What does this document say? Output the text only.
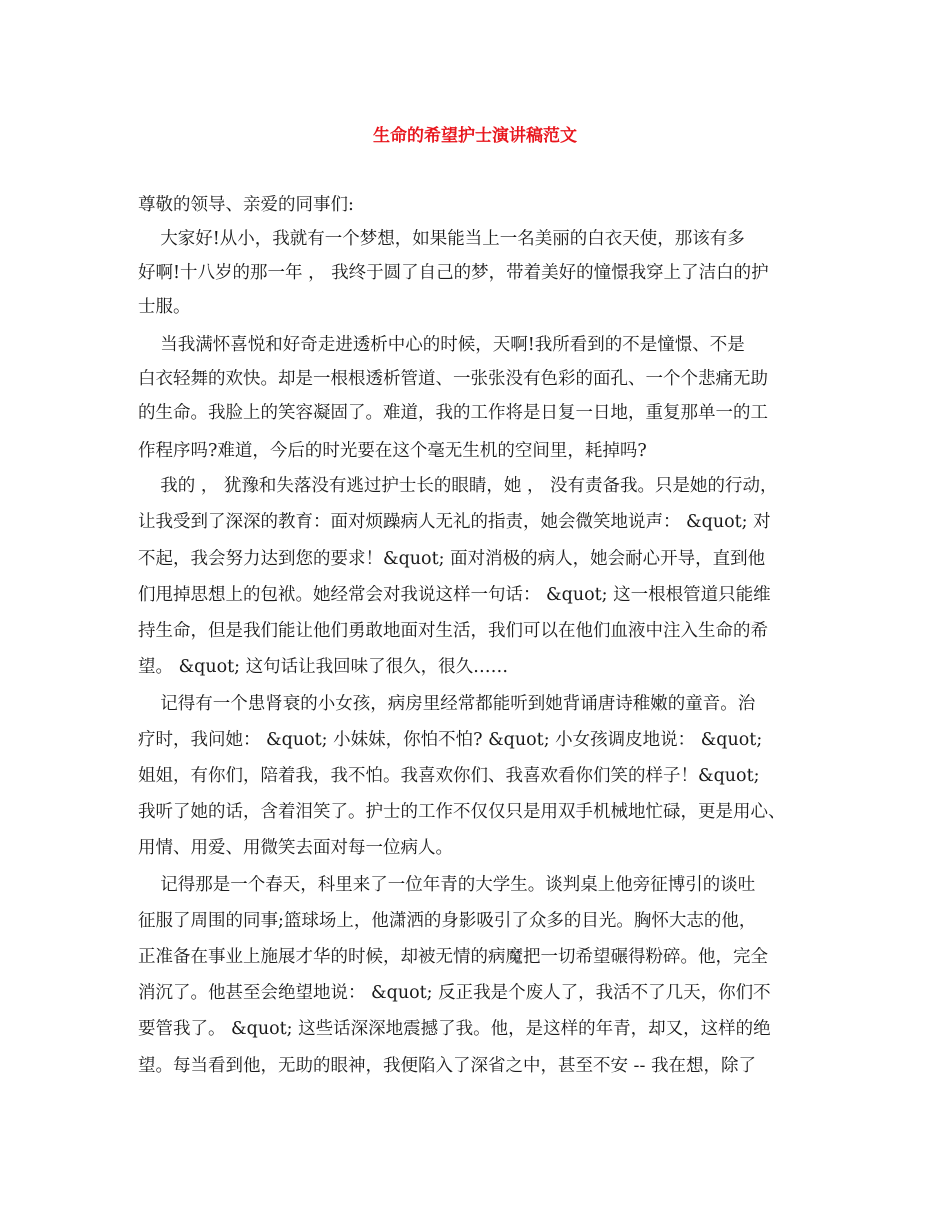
生命的希望护士演讲稿范文
尊敬的领导、亲爱的同事们:
大家好!从小，我就有一个梦想，如果能当上一名美丽的白衣天使，那该有多
好啊!十八岁的那一年 ， 我终于圆了自己的梦，带着美好的憧憬我穿上了洁白的护
士服。
当我满怀喜悦和好奇走进透析中心的时候，天啊!我所看到的不是憧憬、不是
白衣轻舞的欢快。却是一根根透析管道、一张张没有色彩的面孔、一个个悲痛无助
的生命。我脸上的笑容凝固了。难道，我的工作将是日复一日地，重复那单一的工
作程序吗?难道，今后的时光要在这个毫无生机的空间里，耗掉吗?
我的 ， 犹豫和失落没有逃过护士长的眼睛，她 ， 没有责备我。只是她的行动，
让我受到了深深的教育：面对烦躁病人无礼的指责，她会微笑地说声： &quot; 对
不起，我会努力达到您的要求！&quot; 面对消极的病人，她会耐心开导，直到他
们甩掉思想上的包袱。她经常会对我说这样一句话： &quot; 这一根根管道只能维
持生命，但是我们能让他们勇敢地面对生活，我们可以在他们血液中注入生命的希
望。 &quot; 这句话让我回味了很久，很久……
记得有一个患肾衰的小女孩，病房里经常都能听到她背诵唐诗稚嫩的童音。治
疗时，我问她： &quot; 小妹妹，你怕不怕? &quot; 小女孩调皮地说： &quot;
姐姐，有你们，陪着我，我不怕。我喜欢你们、我喜欢看你们笑的样子！&quot;
我听了她的话，含着泪笑了。护士的工作不仅仅只是用双手机械地忙碌，更是用心、
用情、用爱、用微笑去面对每一位病人。
记得那是一个春天，科里来了一位年青的大学生。谈判桌上他旁征博引的谈吐
征服了周围的同事;篮球场上，他潇洒的身影吸引了众多的目光。胸怀大志的他，
正准备在事业上施展才华的时候，却被无情的病魔把一切希望碾得粉碎。他，完全
消沉了。他甚至会绝望地说： &quot; 反正我是个废人了，我活不了几天，你们不
要管我了。 &quot; 这些话深深地震撼了我。他，是这样的年青，却又，这样的绝
望。每当看到他，无助的眼神，我便陷入了深省之中，甚至不安 -- 我在想，除了
